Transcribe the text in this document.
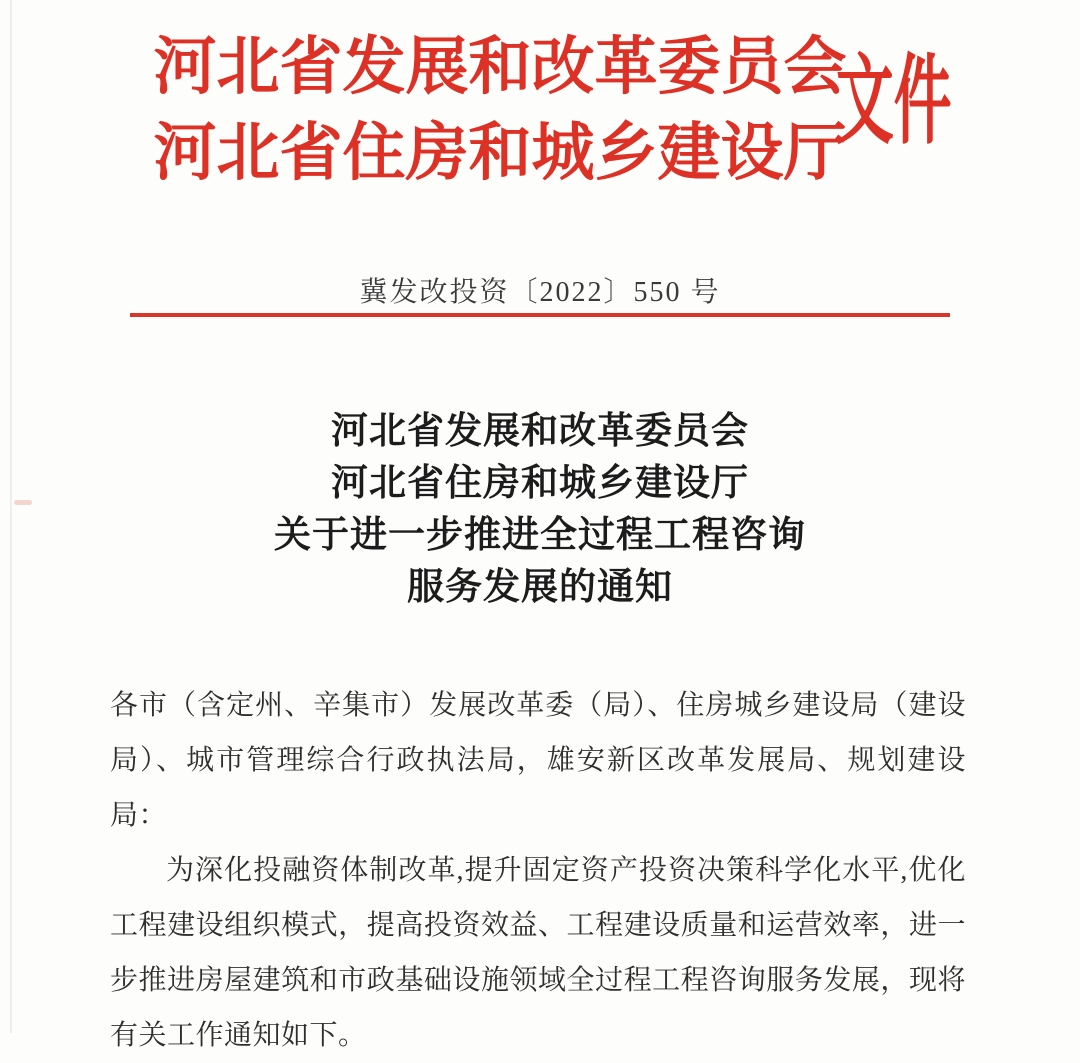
河北省发展和改革委员会
河北省住房和城乡建设厅
文件
冀发改投资〔2022〕550 号
河北省发展和改革委员会
河北省住房和城乡建设厅
关于进一步推进全过程工程咨询
服务发展的通知

各市（含定州、辛集市）发展改革委（局）、住房城乡建设局（建设局）、城市管理综合行政执法局，雄安新区改革发展局、规划建设局：

为深化投融资体制改革,提升固定资产投资决策科学化水平,优化工程建设组织模式，提高投资效益、工程建设质量和运营效率，进一步推进房屋建筑和市政基础设施领域全过程工程咨询服务发展，现将有关工作通知如下。
